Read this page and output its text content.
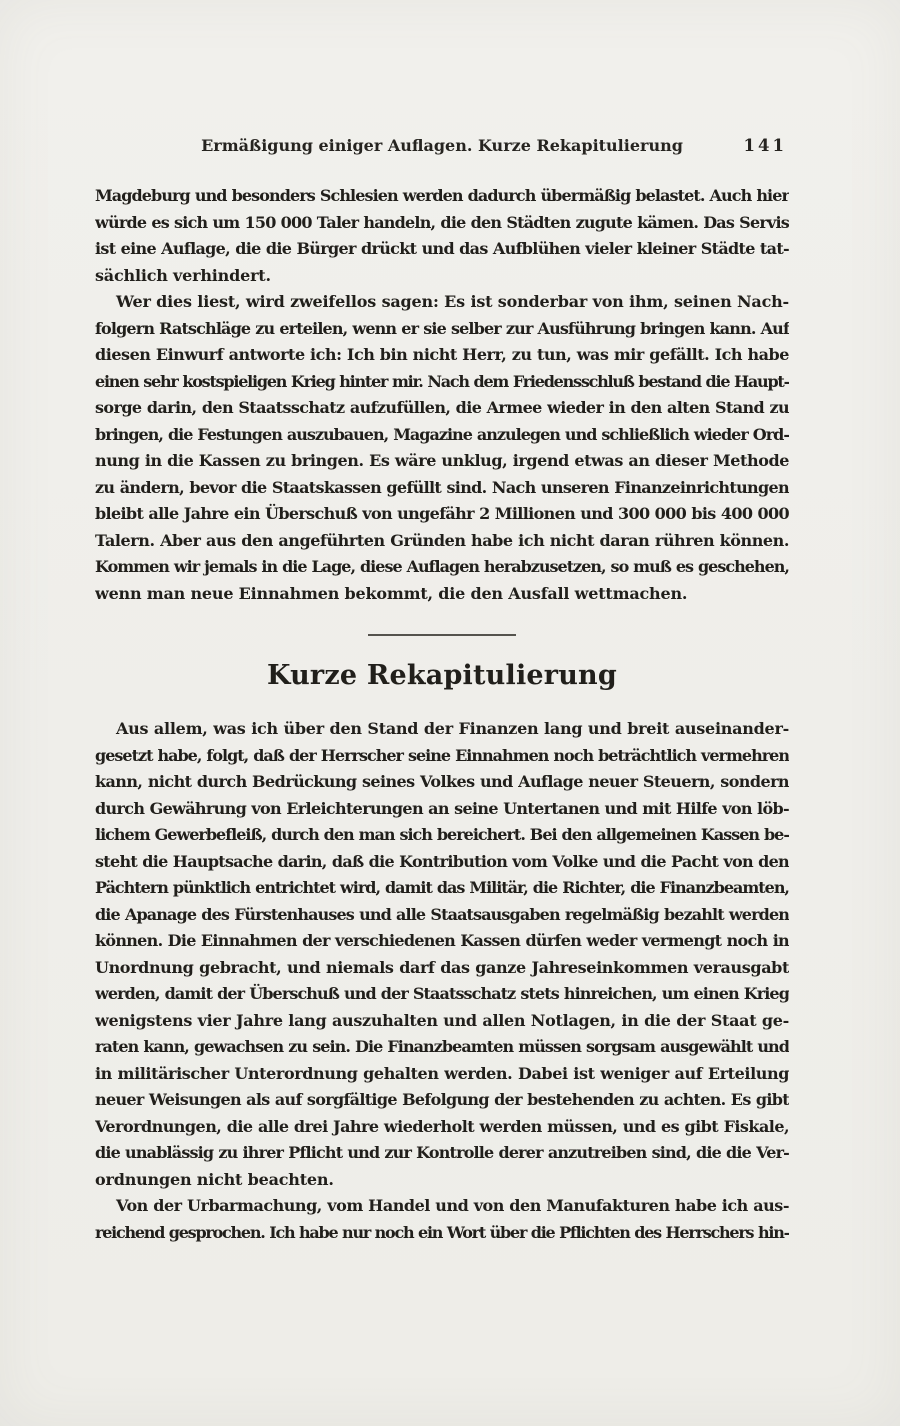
Ermäßigung einiger Auflagen. Kurze Rekapitulierung	141
Magdeburg und besonders Schlesien werden dadurch übermäßig belastet. Auch hier
würde es sich um 150 000 Taler handeln, die den Städten zugute kämen. Das Servis
ist eine Auflage, die die Bürger drückt und das Aufblühen vieler kleiner Städte tat-
sächlich verhindert.
Wer dies liest, wird zweifellos sagen: Es ist sonderbar von ihm, seinen Nach-
folgern Ratschläge zu erteilen, wenn er sie selber zur Ausführung bringen kann. Auf
diesen Einwurf antworte ich: Ich bin nicht Herr, zu tun, was mir gefällt. Ich habe
einen sehr kostspieligen Krieg hinter mir. Nach dem Friedensschluß bestand die Haupt-
sorge darin, den Staatsschatz aufzufüllen, die Armee wieder in den alten Stand zu
bringen, die Festungen auszubauen, Magazine anzulegen und schließlich wieder Ord-
nung in die Kassen zu bringen. Es wäre unklug, irgend etwas an dieser Methode
zu ändern, bevor die Staatskassen gefüllt sind. Nach unseren Finanzeinrichtungen
bleibt alle Jahre ein Überschuß von ungefähr 2 Millionen und 300 000 bis 400 000
Talern. Aber aus den angeführten Gründen habe ich nicht daran rühren können.
Kommen wir jemals in die Lage, diese Auflagen herabzusetzen, so muß es geschehen,
wenn man neue Einnahmen bekommt, die den Ausfall wettmachen.
Kurze Rekapitulierung
Aus allem, was ich über den Stand der Finanzen lang und breit auseinander-
gesetzt habe, folgt, daß der Herrscher seine Einnahmen noch beträchtlich vermehren
kann, nicht durch Bedrückung seines Volkes und Auflage neuer Steuern, sondern
durch Gewährung von Erleichterungen an seine Untertanen und mit Hilfe von löb-
lichem Gewerbefleiß, durch den man sich bereichert. Bei den allgemeinen Kassen be-
steht die Hauptsache darin, daß die Kontribution vom Volke und die Pacht von den
Pächtern pünktlich entrichtet wird, damit das Militär, die Richter, die Finanzbeamten,
die Apanage des Fürstenhauses und alle Staatsausgaben regelmäßig bezahlt werden
können. Die Einnahmen der verschiedenen Kassen dürfen weder vermengt noch in
Unordnung gebracht, und niemals darf das ganze Jahreseinkommen verausgabt
werden, damit der Überschuß und der Staatsschatz stets hinreichen, um einen Krieg
wenigstens vier Jahre lang auszuhalten und allen Notlagen, in die der Staat ge-
raten kann, gewachsen zu sein. Die Finanzbeamten müssen sorgsam ausgewählt und
in militärischer Unterordnung gehalten werden. Dabei ist weniger auf Erteilung
neuer Weisungen als auf sorgfältige Befolgung der bestehenden zu achten. Es gibt
Verordnungen, die alle drei Jahre wiederholt werden müssen, und es gibt Fiskale,
die unablässig zu ihrer Pflicht und zur Kontrolle derer anzutreiben sind, die die Ver-
ordnungen nicht beachten.
Von der Urbarmachung, vom Handel und von den Manufakturen habe ich aus-
reichend gesprochen. Ich habe nur noch ein Wort über die Pflichten des Herrschers hin-
